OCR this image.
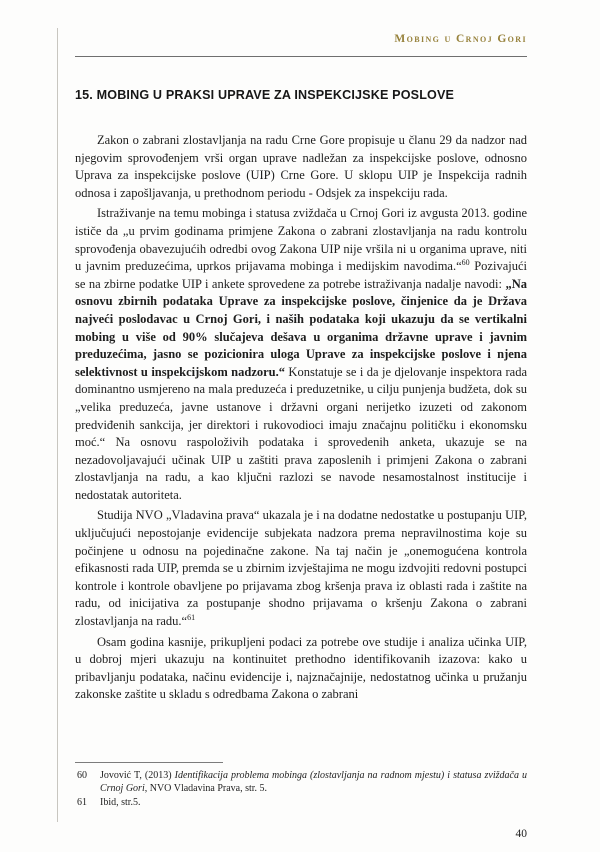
Mobing u Crnoj Gori
15. MOBING U PRAKSI UPRAVE ZA INSPEKCIJSKE POSLOVE

Zakon o zabrani zlostavljanja na radu Crne Gore propisuje u članu 29 da nadzor nad njegovim sprovođenjem vrši organ uprave nadležan za inspekcijske poslove, odnosno Uprava za inspekcijske poslove (UIP) Crne Gore. U sklopu UIP je Inspekcija radnih odnosa i zapošljavanja, u prethodnom periodu - Odsjek za inspekciju rada.

Istraživanje na temu mobinga i statusa zviždača u Crnoj Gori iz avgusta 2013. godine ističe da „u prvim godinama primjene Zakona o zabrani zlostavljanja na radu kontrolu sprovođenja obavezujućih odredbi ovog Zakona UIP nije vršila ni u organima uprave, niti u javnim preduzećima, uprkos prijavama mobinga i medijskim navodima.“$^{60}$ Pozivajući se na zbirne podatke UIP i ankete sprovedene za potrebe istraživanja nadalje navodi: „Na osnovu zbirnih podataka Uprave za inspekcijske poslove, činjenice da je Država najveći poslodavac u Crnoj Gori, i naših podataka koji ukazuju da se vertikalni mobing u više od 90% slučajeva dešava u organima državne uprave i javnim preduzećima, jasno se pozicionira uloga Uprave za inspekcijske poslove i njena selektivnost u inspekcijskom nadzoru.“ Konstatuje se i da je djelovanje inspektora rada dominantno usmjereno na mala preduzeća i preduzetnike, u cilju punjenja budžeta, dok su „velika preduzeća, javne ustanove i državni organi nerijetko izuzeti od zakonom predviđenih sankcija, jer direktori i rukovodioci imaju značajnu političku i ekonomsku moć.“ Na osnovu raspoloživih podataka i sprovedenih anketa, ukazuje se na nezadovoljavajući učinak UIP u zaštiti prava zaposlenih i primjeni Zakona o zabrani zlostavljanja na radu, a kao ključni razlozi se navode nesamostalnost institucije i nedostatak autoriteta.

Studija NVO „Vladavina prava“ ukazala je i na dodatne nedostatke u postupanju UIP, uključujući nepostojanje evidencije subjekata nadzora prema nepravilnostima koje su počinjene u odnosu na pojedinačne zakone. Na taj način je „onemogućena kontrola efikasnosti rada UIP, premda se u zbirnim izvještajima ne mogu izdvojiti redovni postupci kontrole i kontrole obavljene po prijavama zbog kršenja prava iz oblasti rada i zaštite na radu, od inicijativa za postupanje shodno prijavama o kršenju Zakona o zabrani zlostavljanja na radu.“$^{61}$

Osam godina kasnije, prikupljeni podaci za potrebe ove studije i analiza učinka UIP, u dobroj mjeri ukazuju na kontinuitet prethodno identifikovanih izazova: kako u pribavljanju podataka, načinu evidencije i, najznačajnije, nedostatnog učinka u pružanju zakonske zaštite u skladu s odredbama Zakona o zabrani

60 Jovović T, (2013) Identifikacija problema mobinga (zlostavljanja na radnom mjestu) i statusa zviždača u Crnoj Gori, NVO Vladavina Prava, str. 5.
61 Ibid, str.5.
40
